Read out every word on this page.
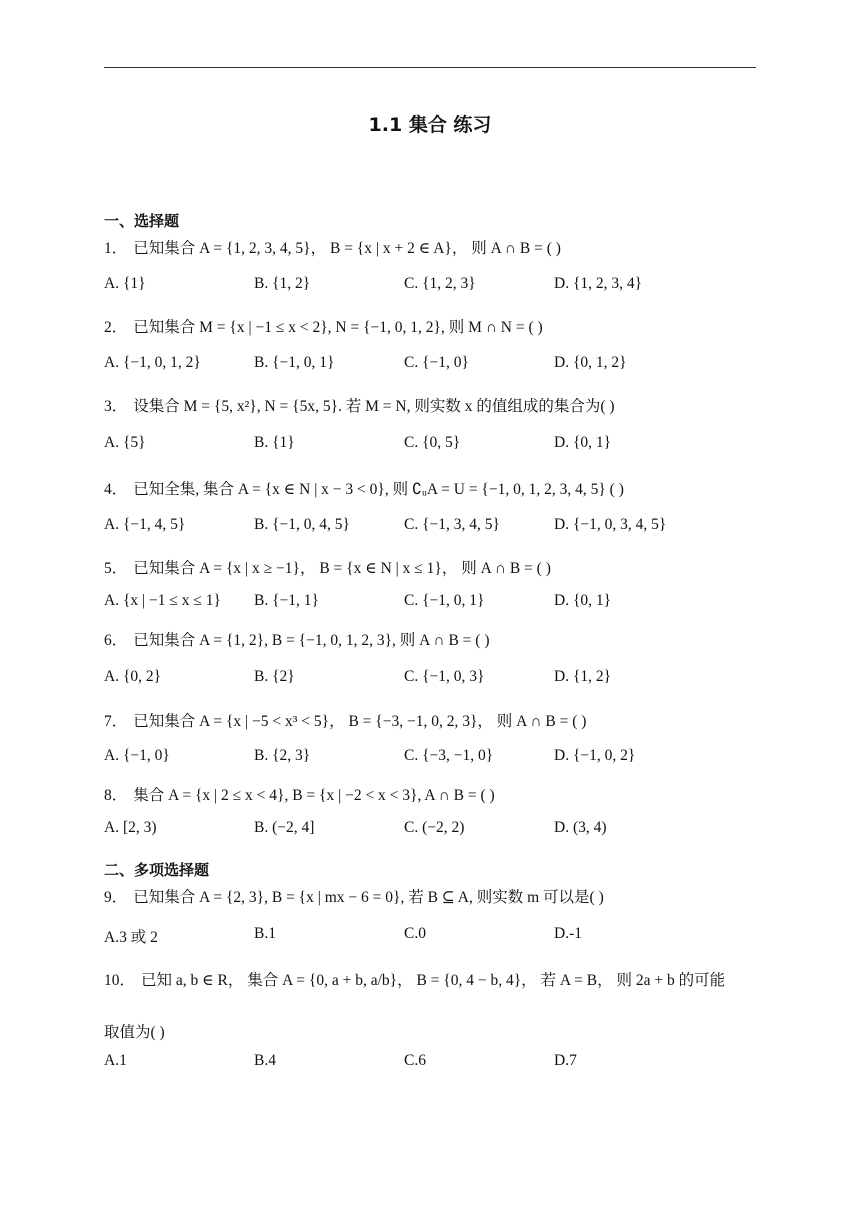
1.1 集合 练习
一、选择题
1． 已知集合 A = {1, 2, 3, 4, 5}， B = {x | x + 2 ∈ A}， 则 A ∩ B = ( )
A. {1}	B. {1, 2}	C. {1, 2, 3}	D. {1, 2, 3, 4}
2． 已知集合 M = {x | −1 ≤ x < 2}, N = {−1, 0, 1, 2}, 则 M ∩ N = ( )
A. {−1, 0, 1, 2}	B. {−1, 0, 1}	C. {−1, 0}	D. {0, 1, 2}
3． 设集合 M = {5, x²}, N = {5x, 5}. 若 M = N, 则实数 x 的值组成的集合为( )
A. {5}	B. {1}	C. {0, 5}	D. {0, 1}
4． 已知全集, 集合 A = {x ∈ N | x − 3 < 0}, 则 ∁ᵤA = U = {−1, 0, 1, 2, 3, 4, 5} ( )
A. {−1, 4, 5}	B. {−1, 0, 4, 5}	C. {−1, 3, 4, 5}	D. {−1, 0, 3, 4, 5}
5． 已知集合 A = {x | x ≥ −1}， B = {x ∈ N | x ≤ 1}， 则 A ∩ B = ( )
A. {x | −1 ≤ x ≤ 1} B. {−1, 1}	C. {−1, 0, 1}	D. {0, 1}
6． 已知集合 A = {1, 2}, B = {−1, 0, 1, 2, 3}, 则 A ∩ B = ( )
A. {0, 2}	B. {2}	C. {−1, 0, 3}	D. {1, 2}
7． 已知集合 A = {x | −5 < x³ < 5}， B = {−3, −1, 0, 2, 3}， 则 A ∩ B = ( )
A. {−1, 0}	B. {2, 3}	C. {−3, −1, 0}	D. {−1, 0, 2}
8． 集合 A = {x | 2 ≤ x < 4}, B = {x | −2 < x < 3}, A ∩ B = ( )
A. [2, 3)	B. (−2, 4]	C. (−2, 2)	D. (3, 4)
二、多项选择题
9． 已知集合 A = {2, 3}, B = {x | mx − 6 = 0}, 若 B ⊆ A, 则实数 m 可以是( )
A.3 或 2	B.1	C.0	D.-1
10． 已知 a, b ∈ R， 集合 A = {0, a + b, a/b}， B = {0, 4 − b, 4}， 若 A = B， 则 2a + b 的可能
取值为( )
A.1	B.4	C.6	D.7
